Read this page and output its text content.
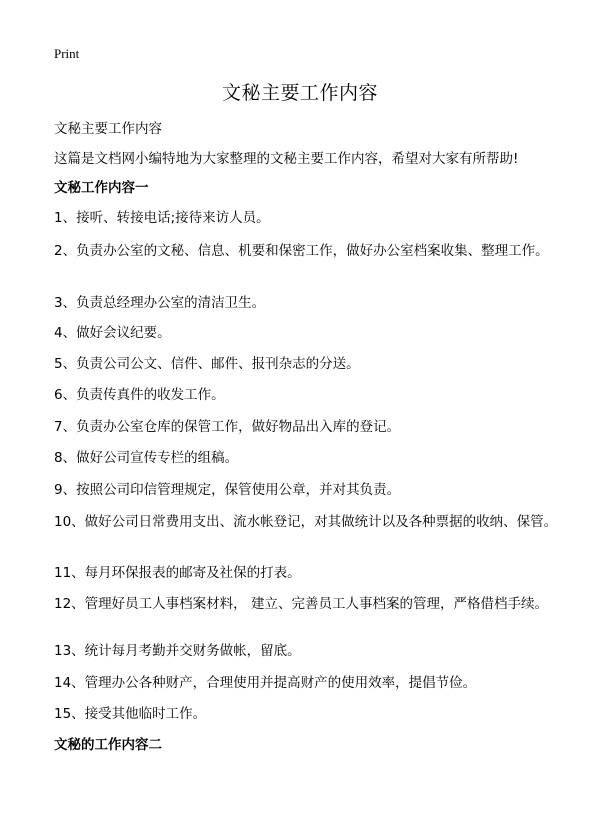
Print
文秘主要工作内容

文秘主要工作内容

这篇是文档网小编特地为大家整理的文秘主要工作内容，希望对大家有所帮助!

文秘工作内容一

1、接听、转接电话;接待来访人员。

2、负责办公室的文秘、信息、机要和保密工作，做好办公室档案收集、整理工作。

3、负责总经理办公室的清洁卫生。

4、做好会议纪要。

5、负责公司公文、信件、邮件、报刊杂志的分送。

6、负责传真件的收发工作。

7、负责办公室仓库的保管工作，做好物品出入库的登记。

8、做好公司宣传专栏的组稿。

9、按照公司印信管理规定，保管使用公章，并对其负责。

10、做好公司日常费用支出、流水帐登记，对其做统计以及各种票据的收纳、保管。

11、每月环保报表的邮寄及社保的打表。

12、管理好员工人事档案材料， 建立、完善员工人事档案的管理，严格借档手续。

13、统计每月考勤并交财务做帐，留底。

14、管理办公各种财产，合理使用并提高财产的使用效率，提倡节俭。

15、接受其他临时工作。

文秘的工作内容二
